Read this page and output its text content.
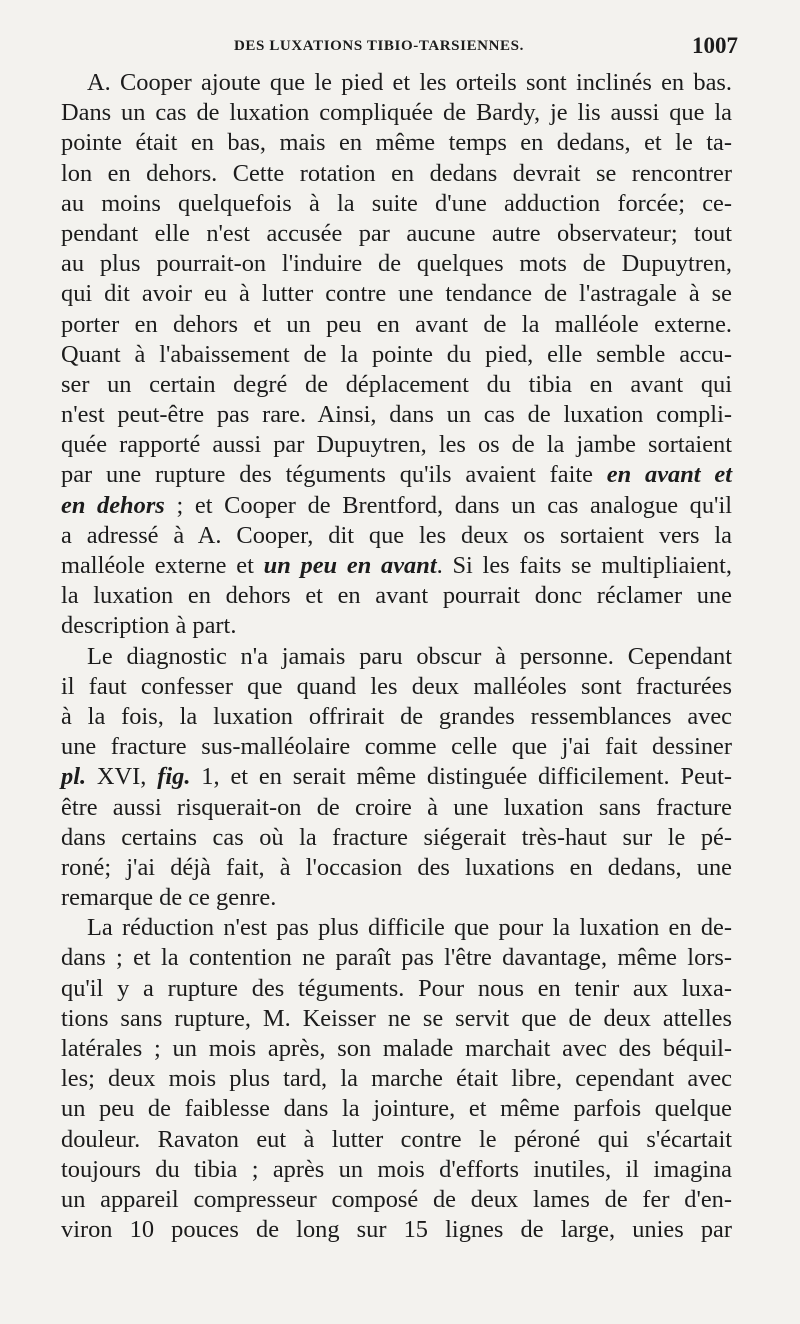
DES LUXATIONS TIBIO-TARSIENNES.	1007
A. Cooper ajoute que le pied et les orteils sont inclinés en bas.
Dans un cas de luxation compliquée de Bardy, je lis aussi que la
pointe était en bas, mais en même temps en dedans, et le ta-
lon en dehors. Cette rotation en dedans devrait se rencontrer
au moins quelquefois à la suite d'une adduction forcée; ce-
pendant elle n'est accusée par aucune autre observateur; tout
au plus pourrait-on l'induire de quelques mots de Dupuytren,
qui dit avoir eu à lutter contre une tendance de l'astragale à se
porter en dehors et un peu en avant de la malléole externe.
Quant à l'abaissement de la pointe du pied, elle semble accu-
ser un certain degré de déplacement du tibia en avant qui
n'est peut-être pas rare. Ainsi, dans un cas de luxation compli-
quée rapporté aussi par Dupuytren, les os de la jambe sortaient
par une rupture des téguments qu'ils avaient faite en avant et
en dehors ; et Cooper de Brentford, dans un cas analogue qu'il
a adressé à A. Cooper, dit que les deux os sortaient vers la
malléole externe et un peu en avant. Si les faits se multipliaient,
la luxation en dehors et en avant pourrait donc réclamer une
description à part.
Le diagnostic n'a jamais paru obscur à personne. Cependant
il faut confesser que quand les deux malléoles sont fracturées
à la fois, la luxation offrirait de grandes ressemblances avec
une fracture sus-malléolaire comme celle que j'ai fait dessiner
pl. XVI, fig. 1, et en serait même distinguée difficilement. Peut-
être aussi risquerait-on de croire à une luxation sans fracture
dans certains cas où la fracture siégerait très-haut sur le pé-
roné; j'ai déjà fait, à l'occasion des luxations en dedans, une
remarque de ce genre.
La réduction n'est pas plus difficile que pour la luxation en de-
dans ; et la contention ne paraît pas l'être davantage, même lors-
qu'il y a rupture des téguments. Pour nous en tenir aux luxa-
tions sans rupture, M. Keisser ne se servit que de deux attelles
latérales ; un mois après, son malade marchait avec des béquil-
les; deux mois plus tard, la marche était libre, cependant avec
un peu de faiblesse dans la jointure, et même parfois quelque
douleur. Ravaton eut à lutter contre le péroné qui s'écartait
toujours du tibia ; après un mois d'efforts inutiles, il imagina
un appareil compresseur composé de deux lames de fer d'en-
viron 10 pouces de long sur 15 lignes de large, unies par
